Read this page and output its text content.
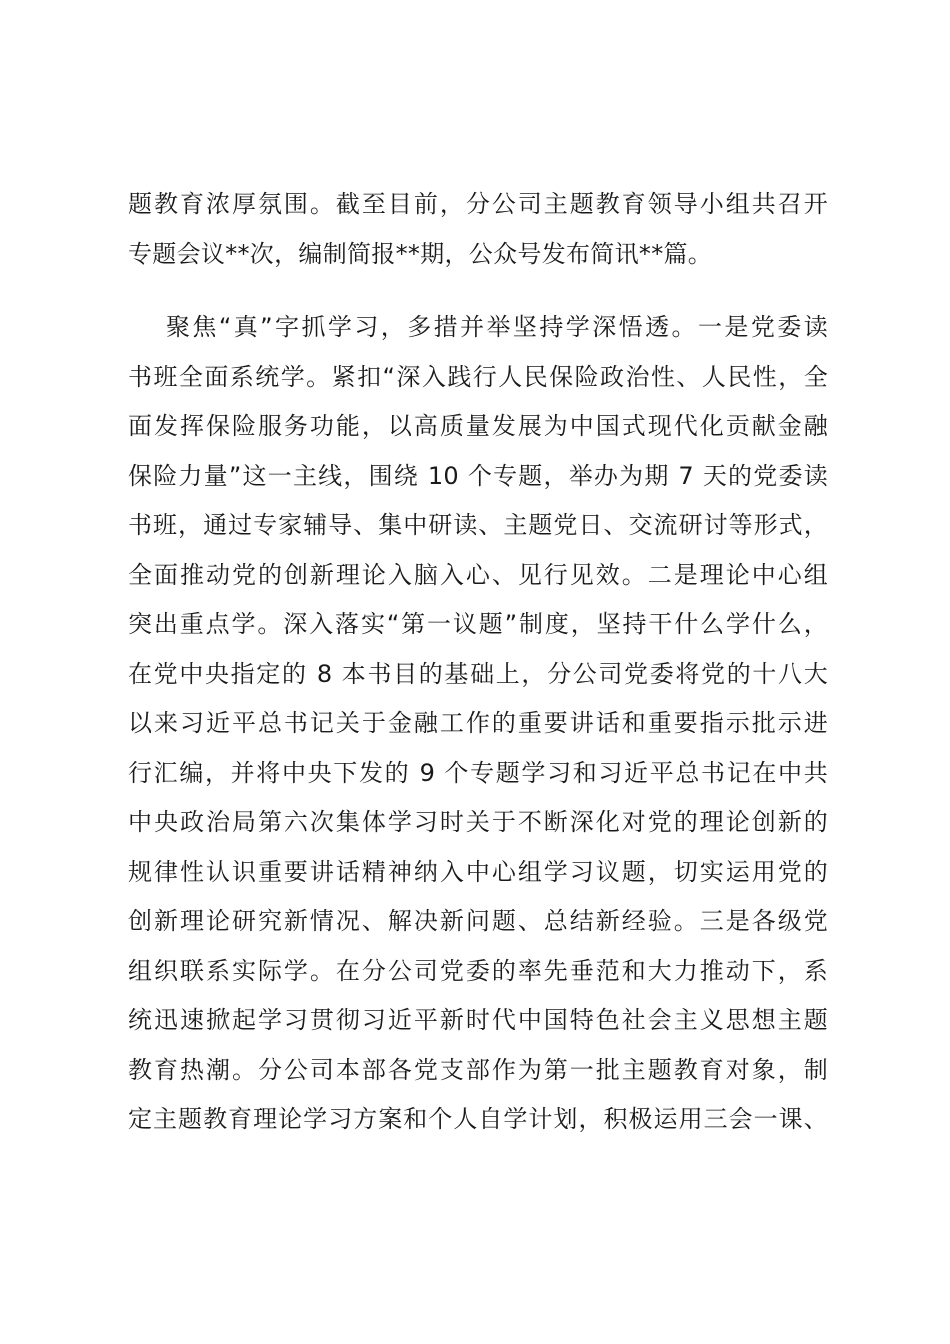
题教育浓厚氛围。截至目前，分公司主题教育领导小组共召开
专题会议**次，编制简报**期，公众号发布简讯**篇。
聚焦“真”字抓学习，多措并举坚持学深悟透。一是党委读
书班全面系统学。紧扣“深入践行人民保险政治性、人民性，全
面发挥保险服务功能，以高质量发展为中国式现代化贡献金融
保险力量”这一主线，围绕 10 个专题，举办为期 7 天的党委读
书班，通过专家辅导、集中研读、主题党日、交流研讨等形式，
全面推动党的创新理论入脑入心、见行见效。二是理论中心组
突出重点学。深入落实“第一议题”制度，坚持干什么学什么，
在党中央指定的 8 本书目的基础上，分公司党委将党的十八大
以来习近平总书记关于金融工作的重要讲话和重要指示批示进
行汇编，并将中央下发的 9 个专题学习和习近平总书记在中共
中央政治局第六次集体学习时关于不断深化对党的理论创新的
规律性认识重要讲话精神纳入中心组学习议题，切实运用党的
创新理论研究新情况、解决新问题、总结新经验。三是各级党
组织联系实际学。在分公司党委的率先垂范和大力推动下，系
统迅速掀起学习贯彻习近平新时代中国特色社会主义思想主题
教育热潮。分公司本部各党支部作为第一批主题教育对象，制
定主题教育理论学习方案和个人自学计划，积极运用三会一课、
